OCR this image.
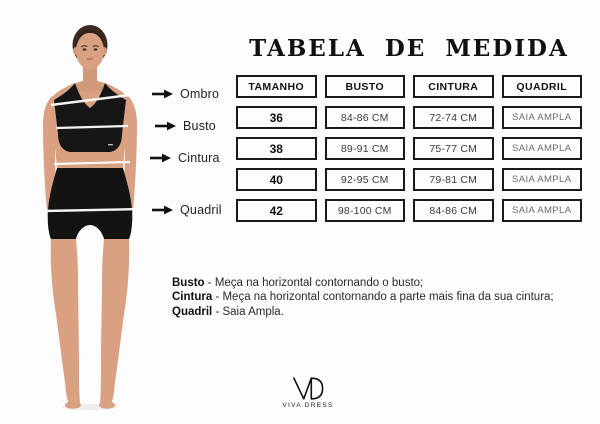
Ombro
Busto
Cintura
Quadril
TABELA DE MEDIDA
TAMANHO	BUSTO	CINTURA	QUADRIL
36	84-86 CM	72-74 CM	SAIA AMPLA
38	89-91 CM	75-77 CM	SAIA AMPLA
40	92-95 CM	79-81 CM	SAIA AMPLA
42	98-100 CM	84-86 CM	SAIA AMPLA
Busto - Meça na horizontal contornando o busto;
Cintura - Meça na horizontal contornando a parte mais fina da sua cintura;
Quadril - Saia Ampla.
VIVA DRESS
